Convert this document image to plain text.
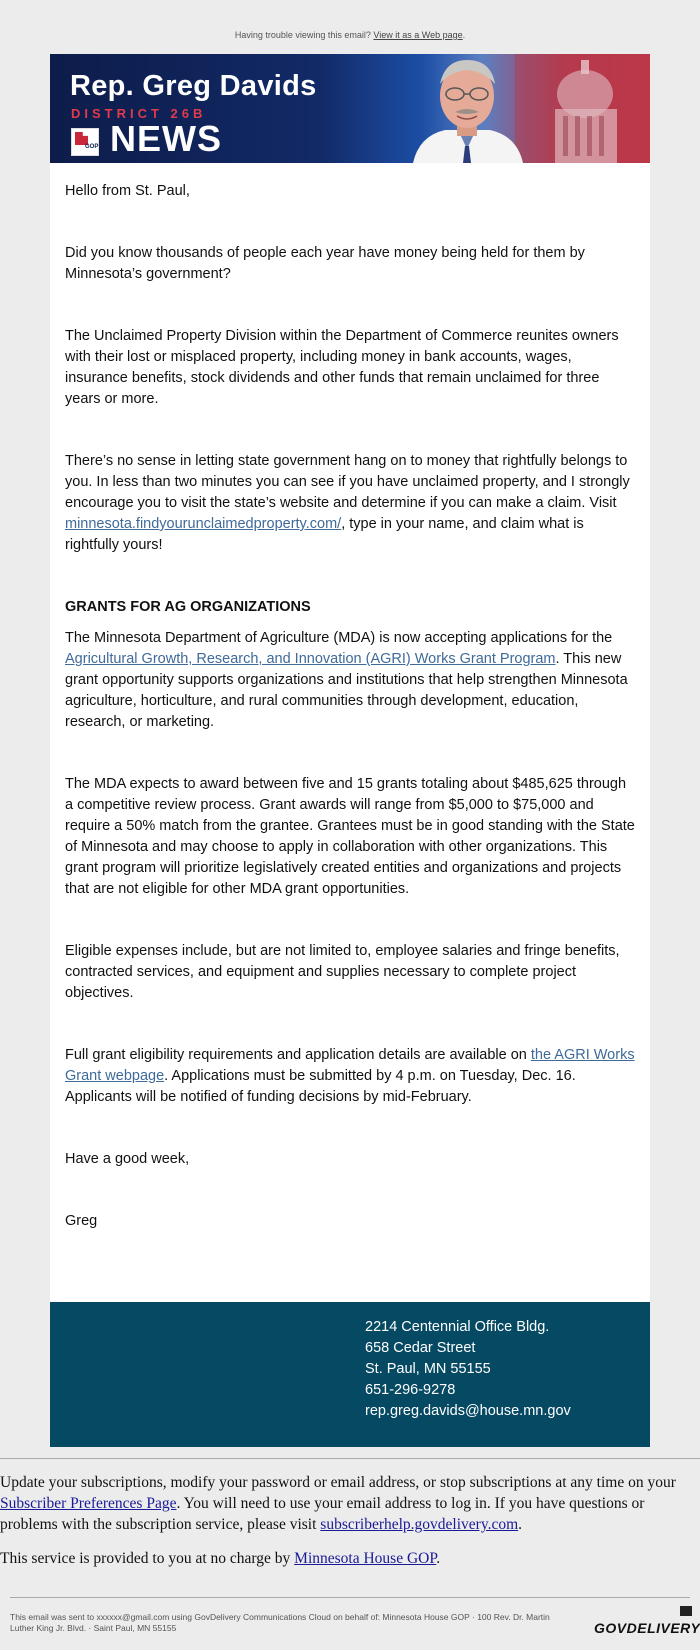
Having trouble viewing this email? View it as a Web page.
Rep. Greg Davids
DISTRICT 26B
GOP NEWS

Hello from St. Paul,

Did you know thousands of people each year have money being held for them by Minnesota’s government?

The Unclaimed Property Division within the Department of Commerce reunites owners with their lost or misplaced property, including money in bank accounts, wages, insurance benefits, stock dividends and other funds that remain unclaimed for three years or more.

There’s no sense in letting state government hang on to money that rightfully belongs to you. In less than two minutes you can see if you have unclaimed property, and I strongly encourage you to visit the state’s website and determine if you can make a claim. Visit minnesota.findyourunclaimedproperty.com/, type in your name, and claim what is rightfully yours!

GRANTS FOR AG ORGANIZATIONS

The Minnesota Department of Agriculture (MDA) is now accepting applications for the Agricultural Growth, Research, and Innovation (AGRI) Works Grant Program. This new grant opportunity supports organizations and institutions that help strengthen Minnesota agriculture, horticulture, and rural communities through development, education, research, or marketing.

The MDA expects to award between five and 15 grants totaling about $485,625 through a competitive review process. Grant awards will range from $5,000 to $75,000 and require a 50% match from the grantee. Grantees must be in good standing with the State of Minnesota and may choose to apply in collaboration with other organizations. This grant program will prioritize legislatively created entities and organizations and projects that are not eligible for other MDA grant opportunities.

Eligible expenses include, but are not limited to, employee salaries and fringe benefits, contracted services, and equipment and supplies necessary to complete project objectives.

Full grant eligibility requirements and application details are available on the AGRI Works Grant webpage. Applications must be submitted by 4 p.m. on Tuesday, Dec. 16. Applicants will be notified of funding decisions by mid-February.

Have a good week,

Greg

2214 Centennial Office Bldg.
658 Cedar Street
St. Paul, MN 55155
651-296-9278
rep.greg.davids@house.mn.gov

Update your subscriptions, modify your password or email address, or stop subscriptions at any time on your Subscriber Preferences Page. You will need to use your email address to log in. If you have questions or problems with the subscription service, please visit subscriberhelp.govdelivery.com.

This service is provided to you at no charge by Minnesota House GOP.

This email was sent to xxxxxx@gmail.com using GovDelivery Communications Cloud on behalf of: Minnesota House GOP · 100 Rev. Dr. Martin Luther King Jr. Blvd. · Saint Paul, MN 55155	GOVDELIVERY
